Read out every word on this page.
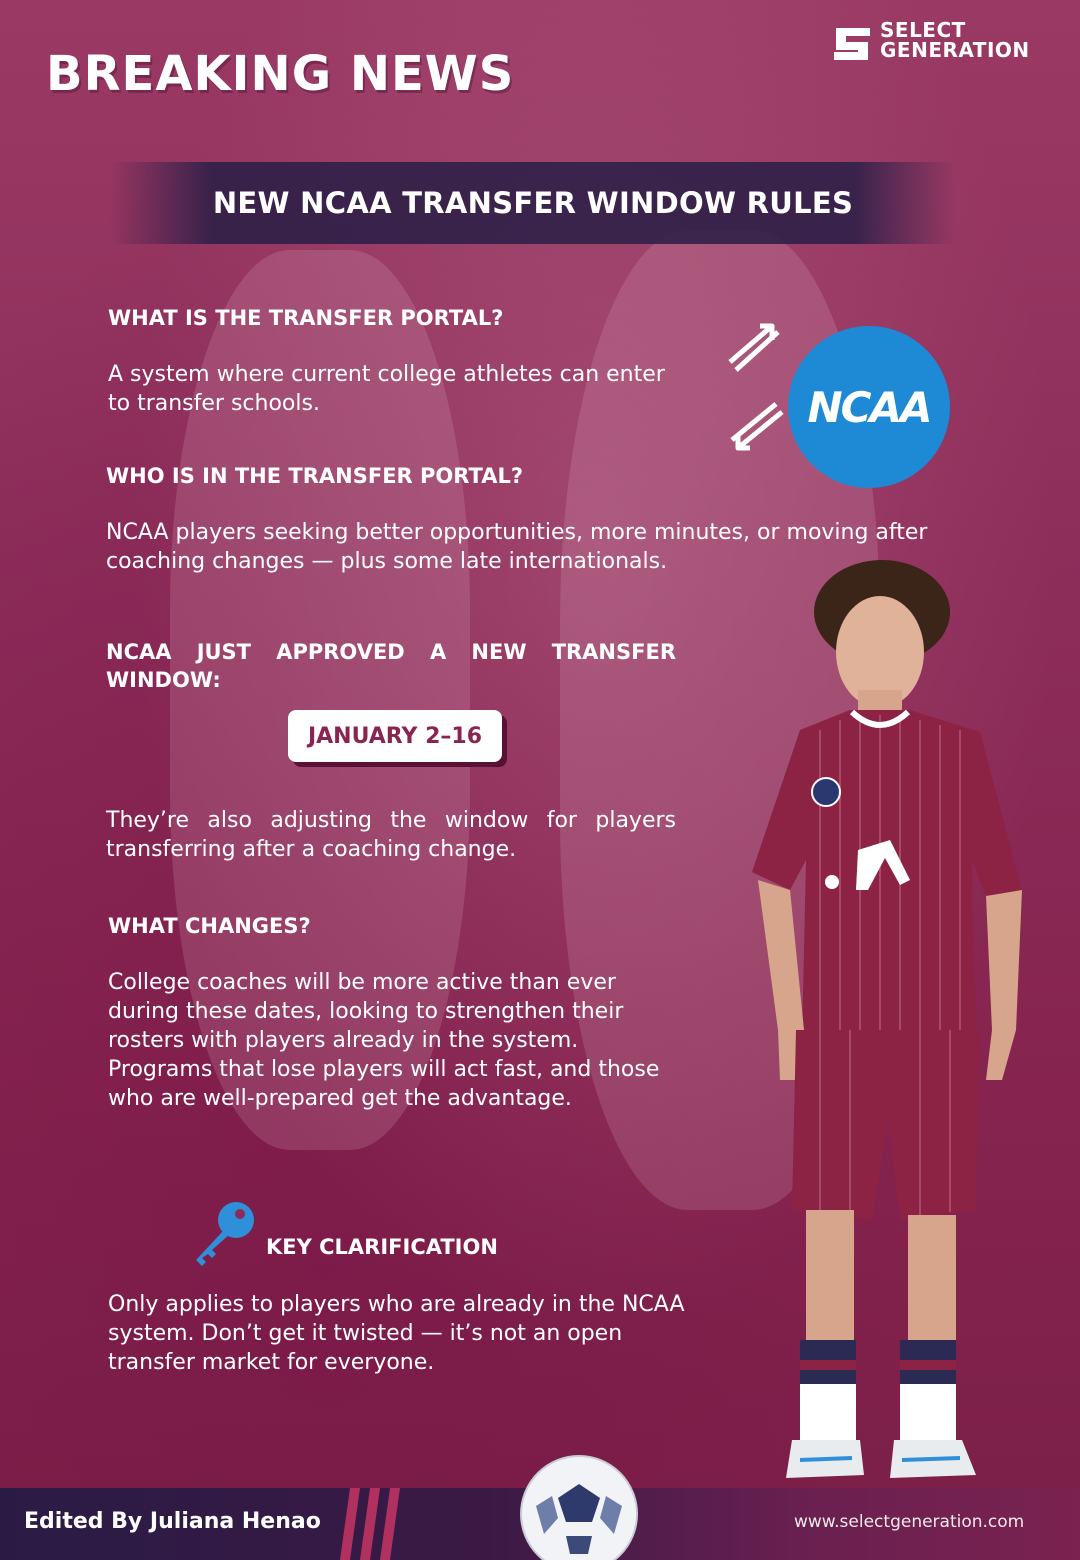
BREAKING NEWS
SELECT
GENERATION
NEW NCAA TRANSFER WINDOW RULES
WHAT IS THE TRANSFER PORTAL?
A system where current college athletes can enter to transfer schools.	NCAA
WHO IS IN THE TRANSFER PORTAL?
NCAA players seeking better opportunities, more minutes, or moving after coaching changes — plus some late internationals.
NCAA JUST APPROVED A NEW TRANSFER WINDOW:
JANUARY 2–16
They’re also adjusting the window for players transferring after a coaching change.
WHAT CHANGES?
College coaches will be more active than ever during these dates, looking to strengthen their rosters with players already in the system. Programs that lose players will act fast, and those who are well-prepared get the advantage.
KEY CLARIFICATION
Only applies to players who are already in the NCAA system. Don’t get it twisted — it’s not an open transfer market for everyone.
Edited By Juliana Henao	www.selectgeneration.com
